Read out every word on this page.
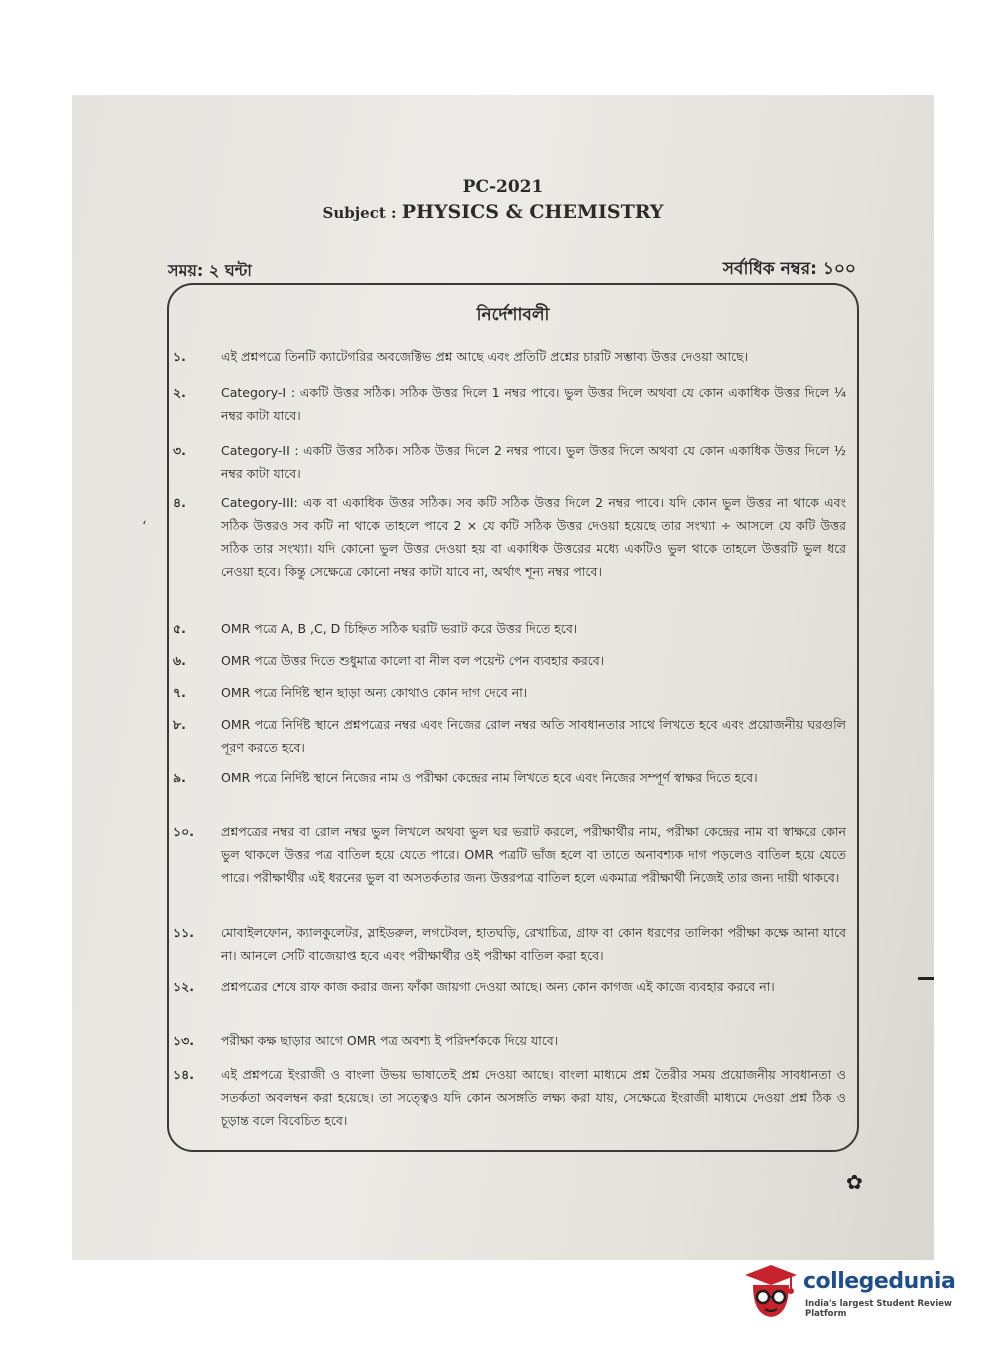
PC-2021
Subject : PHYSICS & CHEMISTRY
সময়: ২ ঘন্টা	সর্বাধিক নম্বর: ১০০
‘
নির্দেশাবলী
১.	এই প্রশ্নপত্রে তিনটি ক্যাটেগরির অবজেক্টিভ প্রশ্ন আছে এবং প্রতিটি প্রশ্নের চারটি সম্ভাব্য উত্তর দেওয়া আছে।
২.	Category-I : একটি উত্তর সঠিক। সঠিক উত্তর দিলে 1 নম্বর পাবে। ভুল উত্তর দিলে অথবা যে কোন একাধিক উত্তর দিলে ¼ নম্বর কাটা যাবে।
৩.	Category-II : একটি উত্তর সঠিক। সঠিক উত্তর দিলে 2 নম্বর পাবে। ভুল উত্তর দিলে অথবা যে কোন একাধিক উত্তর দিলে ½ নম্বর কাটা যাবে।
৪.	Category-III: এক বা একাধিক উত্তর সঠিক। সব কটি সঠিক উত্তর দিলে 2 নম্বর পাবে। যদি কোন ভুল উত্তর না থাকে এবং সঠিক উত্তরও সব কটি না থাকে তাহলে পাবে 2 × যে কটি সঠিক উত্তর দেওয়া হয়েছে তার সংখ্যা ÷ আসলে যে কটি উত্তর সঠিক তার সংখ্যা। যদি কোনো ভুল উত্তর দেওয়া হয় বা একাধিক উত্তরের মধ্যে একটিও ভুল থাকে তাহলে উত্তরটি ভুল ধরে নেওয়া হবে। কিন্তু সেক্ষেত্রে কোনো নম্বর কাটা যাবে না, অর্থাৎ শূন্য নম্বর পাবে।
৫.	OMR পত্রে A, B ,C, D চিহ্নিত সঠিক ঘরটি ভরাট করে উত্তর দিতে হবে।
৬.	OMR পত্রে উত্তর দিতে শুধুমাত্র কালো বা নীল বল পয়েন্ট পেন ব্যবহার করবে।
৭.	OMR পত্রে নির্দিষ্ট স্থান ছাড়া অন্য কোথাও কোন দাগ দেবে না।
৮.	OMR পত্রে নির্দিষ্ট স্থানে প্রশ্নপত্রের নম্বর এবং নিজের রোল নম্বর অতি সাবধানতার সাথে লিখতে হবে এবং প্রয়োজনীয় ঘরগুলি পূরণ করতে হবে।
৯.	OMR পত্রে নির্দিষ্ট স্থানে নিজের নাম ও পরীক্ষা কেন্দ্রের নাম লিখতে হবে এবং নিজের সম্পূর্ণ স্বাক্ষর দিতে হবে।
১০.	প্রশ্নপত্রের নম্বর বা রোল নম্বর ভুল লিখলে অথবা ভুল ঘর ভরাট করলে, পরীক্ষার্থীর নাম, পরীক্ষা কেন্দ্রের নাম বা স্বাক্ষরে কোন ভুল থাকলে উত্তর পত্র বাতিল হয়ে যেতে পারে। OMR পত্রটি ভাঁজ হলে বা তাতে অনাবশ্যক দাগ পড়লেও বাতিল হয়ে যেতে পারে। পরীক্ষার্থীর এই ধরনের ভুল বা অসতর্কতার জন্য উত্তরপত্র বাতিল হলে একমাত্র পরীক্ষার্থী নিজেই তার জন্য দায়ী থাকবে।
১১.	মোবাইলফোন, ক্যালকুলেটর, স্লাইডরুল, লগটেবল, হাতঘড়ি, রেখাচিত্র, গ্রাফ বা কোন ধরণের তালিকা পরীক্ষা কক্ষে আনা যাবে না। আনলে সেটি বাজেয়াপ্ত হবে এবং পরীক্ষার্থীর ওই পরীক্ষা বাতিল করা হবে।
১২.	প্রশ্নপত্রের শেষে রাফ কাজ করার জন্য ফাঁকা জায়গা দেওয়া আছে। অন্য কোন কাগজ এই কাজে ব্যবহার করবে না।
১৩.	পরীক্ষা কক্ষ ছাড়ার আগে OMR পত্র অবশ্য ই পরিদর্শককে দিয়ে যাবে।
১৪.	এই প্রশ্নপত্রে ইংরাজী ও বাংলা উভয় ভাষাতেই প্রশ্ন দেওয়া আছে। বাংলা মাধ্যমে প্রশ্ন তৈরীর সময় প্রয়োজনীয় সাবধানতা ও সতর্কতা অবলম্বন করা হয়েছে। তা সত্ত্বেও যদি কোন অসঙ্গতি লক্ষ্য করা যায়, সেক্ষেত্রে ইংরাজী মাধ্যমে দেওয়া প্রশ্ন ঠিক ও চূড়ান্ত বলে বিবেচিত হবে।
✿
collegedunia
India's largest Student Review Platform
